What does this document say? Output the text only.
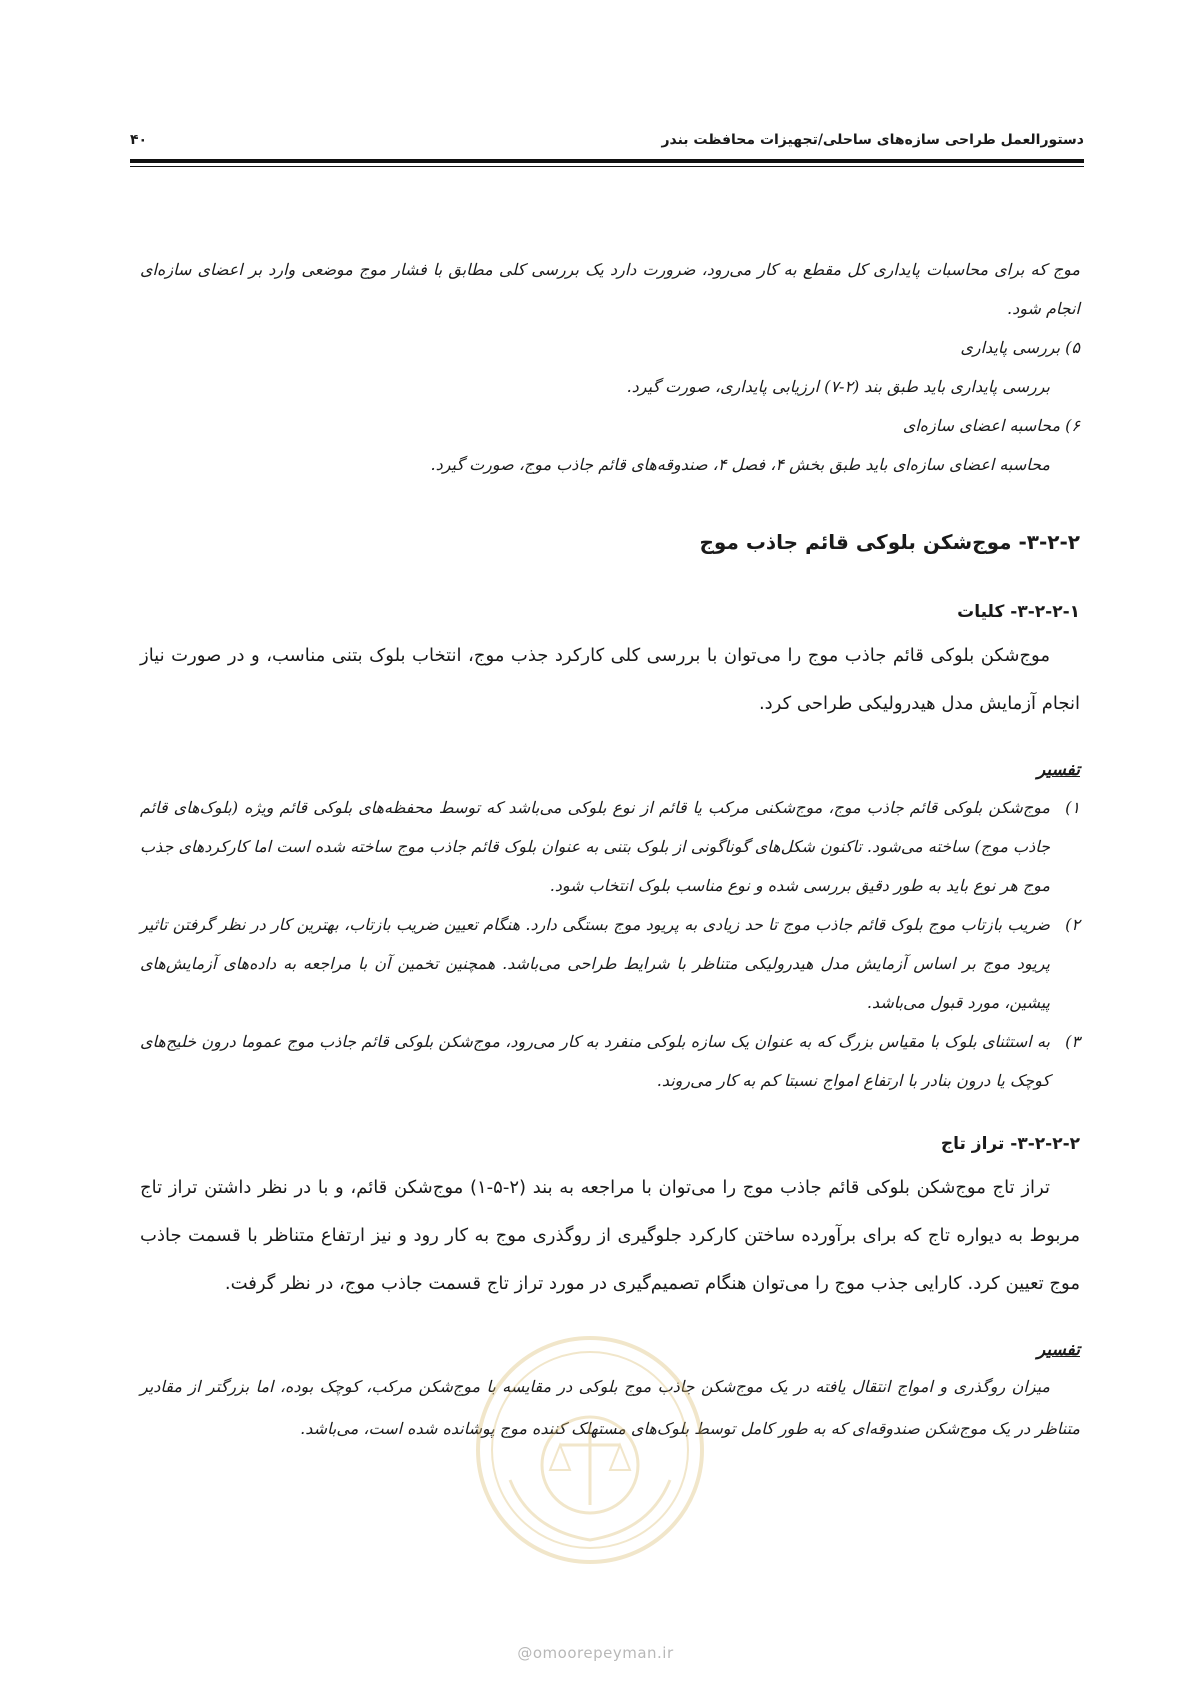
دستورالعمل طراحی سازه‌های ساحلی/تجهیزات محافظت بندر
۴۰

موج که برای محاسبات پایداری کل مقطع به کار می‌رود، ضرورت دارد یک بررسی کلی مطابق با فشار موج موضعی وارد بر اعضای سازه‌ای انجام شود.

۵) بررسی پایداری

بررسی پایداری باید طبق بند (۲-۷) ارزیابی پایداری، صورت گیرد.

۶) محاسبه اعضای سازه‌ای

محاسبه اعضای سازه‌ای باید طبق بخش ۴، فصل ۴، صندوقه‌های قائم جاذب موج، صورت گیرد.

۳-۲-۲- موج‌شکن بلوکی قائم جاذب موج

۳-۲-۲-۱- کلیات

موج‌شکن بلوکی قائم جاذب موج را می‌توان با بررسی کلی کارکرد جذب موج، انتخاب بلوک بتنی مناسب، و در صورت نیاز انجام آزمایش مدل هیدرولیکی طراحی کرد.

تفسیر

۱)
موج‌شکن بلوکی قائم جاذب موج، موج‌شکنی مرکب یا قائم از نوع بلوکی می‌باشد که توسط محفظه‌های بلوکی قائم ویژه (بلوک‌های قائم جاذب موج) ساخته می‌شود. تاکنون شکل‌های گوناگونی از بلوک بتنی به عنوان بلوک قائم جاذب موج ساخته شده است اما کارکردهای جذب موج هر نوع باید به طور دقیق بررسی شده و نوع مناسب بلوک انتخاب شود.
۲)
ضریب بازتاب موج بلوک قائم جاذب موج تا حد زیادی به پریود موج بستگی دارد. هنگام تعیین ضریب بازتاب، بهترین کار در نظر گرفتن تاثیر پریود موج بر اساس آزمایش مدل هیدرولیکی متناظر با شرایط طراحی می‌باشد. همچنین تخمین آن با مراجعه به داده‌های آزمایش‌های پیشین، مورد قبول می‌باشد.
۳)
به استثنای بلوک با مقیاس بزرگ که به عنوان یک سازه بلوکی منفرد به کار می‌رود، موج‌شکن بلوکی قائم جاذب موج عموما درون خلیج‌های کوچک یا درون بنادر با ارتفاع امواج نسبتا کم به کار می‌روند.

۳-۲-۲-۲- تراز تاج

تراز تاج موج‌شکن بلوکی قائم جاذب موج را می‌توان با مراجعه به بند (۲-۵-۱) موج‌شکن قائم، و با در نظر داشتن تراز تاج مربوط به دیواره تاج که برای برآورده ساختن کارکرد جلوگیری از روگذری موج به کار رود و نیز ارتفاع متناظر با قسمت جاذب موج تعیین کرد. کارایی جذب موج را می‌توان هنگام تصمیم‌گیری در مورد تراز تاج قسمت جاذب موج، در نظر گرفت.

تفسیر

میزان روگذری و امواج انتقال یافته در یک موج‌شکن جاذب موج بلوکی در مقایسه با موج‌شکن مرکب، کوچک بوده، اما بزرگتر از مقادیر متناظر در یک موج‌شکن صندوقه‌ای که به طور کامل توسط بلوک‌های مستهلک کننده موج پوشانده شده است، می‌باشد.

@omoorepeyman.ir
